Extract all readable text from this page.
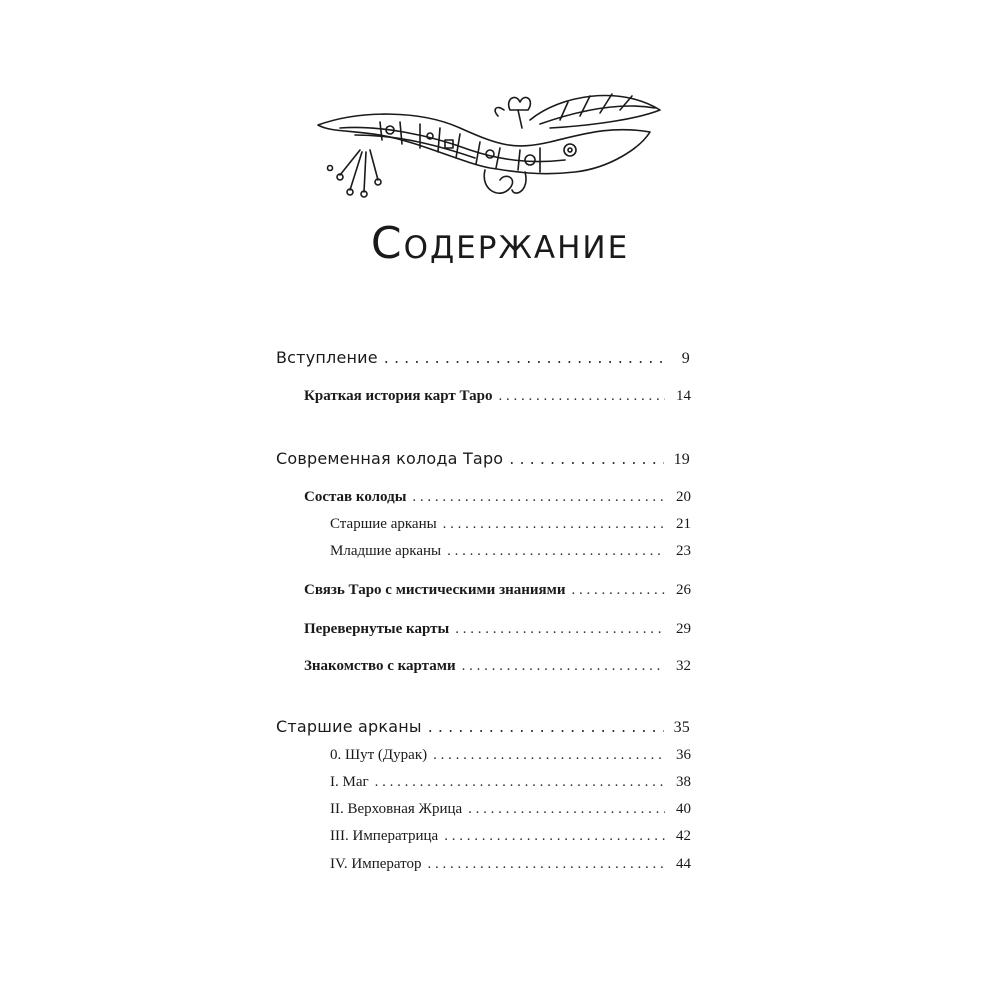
Содержание
Вступление . . .	9
Краткая история карт Таро . . .	14
Современная колода Таро . . .	19
Состав колоды . . .	20
Старшие арканы . . .	21
Младшие арканы . . .	23
Связь Таро с мистическими знаниями . . .	26
Перевернутые карты . . .	29
Знакомство с картами . . .	32
Старшие арканы . . .	35
0. Шут (Дурак) . . .	36
I. Маг . . .	38
II. Верховная Жрица . . .	40
III. Императрица . . .	42
IV. Император . . .	44
